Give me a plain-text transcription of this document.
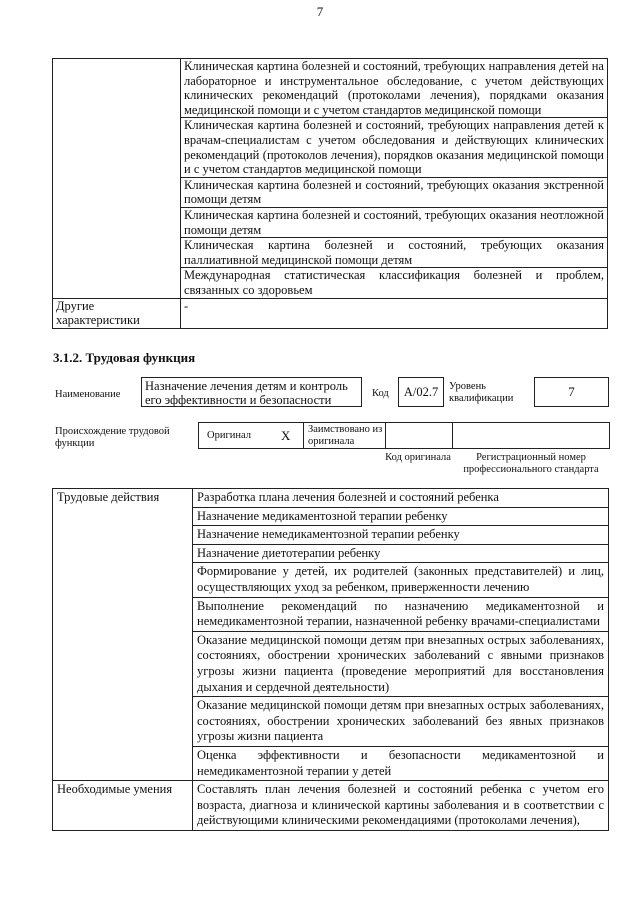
7
	Клиническая картина болезней и состояний, требующих направления детей на лабораторное и инструментальное обследование, с учетом действующих клинических рекомендаций (протоколами лечения), порядками оказания медицинской помощи и с учетом стандартов медицинской помощи
	Клиническая картина болезней и состояний, требующих направления детей к врачам-специалистам с учетом обследования и действующих клинических рекомендаций (протоколов лечения), порядков оказания медицинской помощи и с учетом стандартов медицинской помощи
	Клиническая картина болезней и состояний, требующих оказания экстренной помощи детям
	Клиническая картина болезней и состояний, требующих оказания неотложной помощи детям
	Клиническая картина болезней и состояний, требующих оказания паллиативной медицинской помощи детям
	Международная статистическая классификация болезней и проблем, связанных со здоровьем
Другие характеристики	-
3.1.2. Трудовая функция
Наименование
Назначение лечения детям и контроль его эффективности и безопасности	Код	А/02.7	Уровень квалификации	7
Происхождение трудовой функции
Оригинал X Заимствовано из оригинала
Код оригинала	Регистрационный номер профессионального стандарта
Трудовые действия	Разработка плана лечения болезней и состояний ребенка
	Назначение медикаментозной терапии ребенку
	Назначение немедикаментозной терапии ребенку
	Назначение диетотерапии ребенку
	Формирование у детей, их родителей (законных представителей) и лиц, осуществляющих уход за ребенком, приверженности лечению
	Выполнение рекомендаций по назначению медикаментозной и немедикаментозной терапии, назначенной ребенку врачами-специалистами
	Оказание медицинской помощи детям при внезапных острых заболеваниях, состояниях, обострении хронических заболеваний с явными признаков угрозы жизни пациента (проведение мероприятий для восстановления дыхания и сердечной деятельности)
	Оказание медицинской помощи детям при внезапных острых заболеваниях, состояниях, обострении хронических заболеваний без явных признаков угрозы жизни пациента
	Оценка эффективности и безопасности медикаментозной и немедикаментозной терапии у детей
Необходимые умения	Составлять план лечения болезней и состояний ребенка с учетом его возраста, диагноза и клинической картины заболевания и в соответствии с действующими клиническими рекомендациями (протоколами лечения),
